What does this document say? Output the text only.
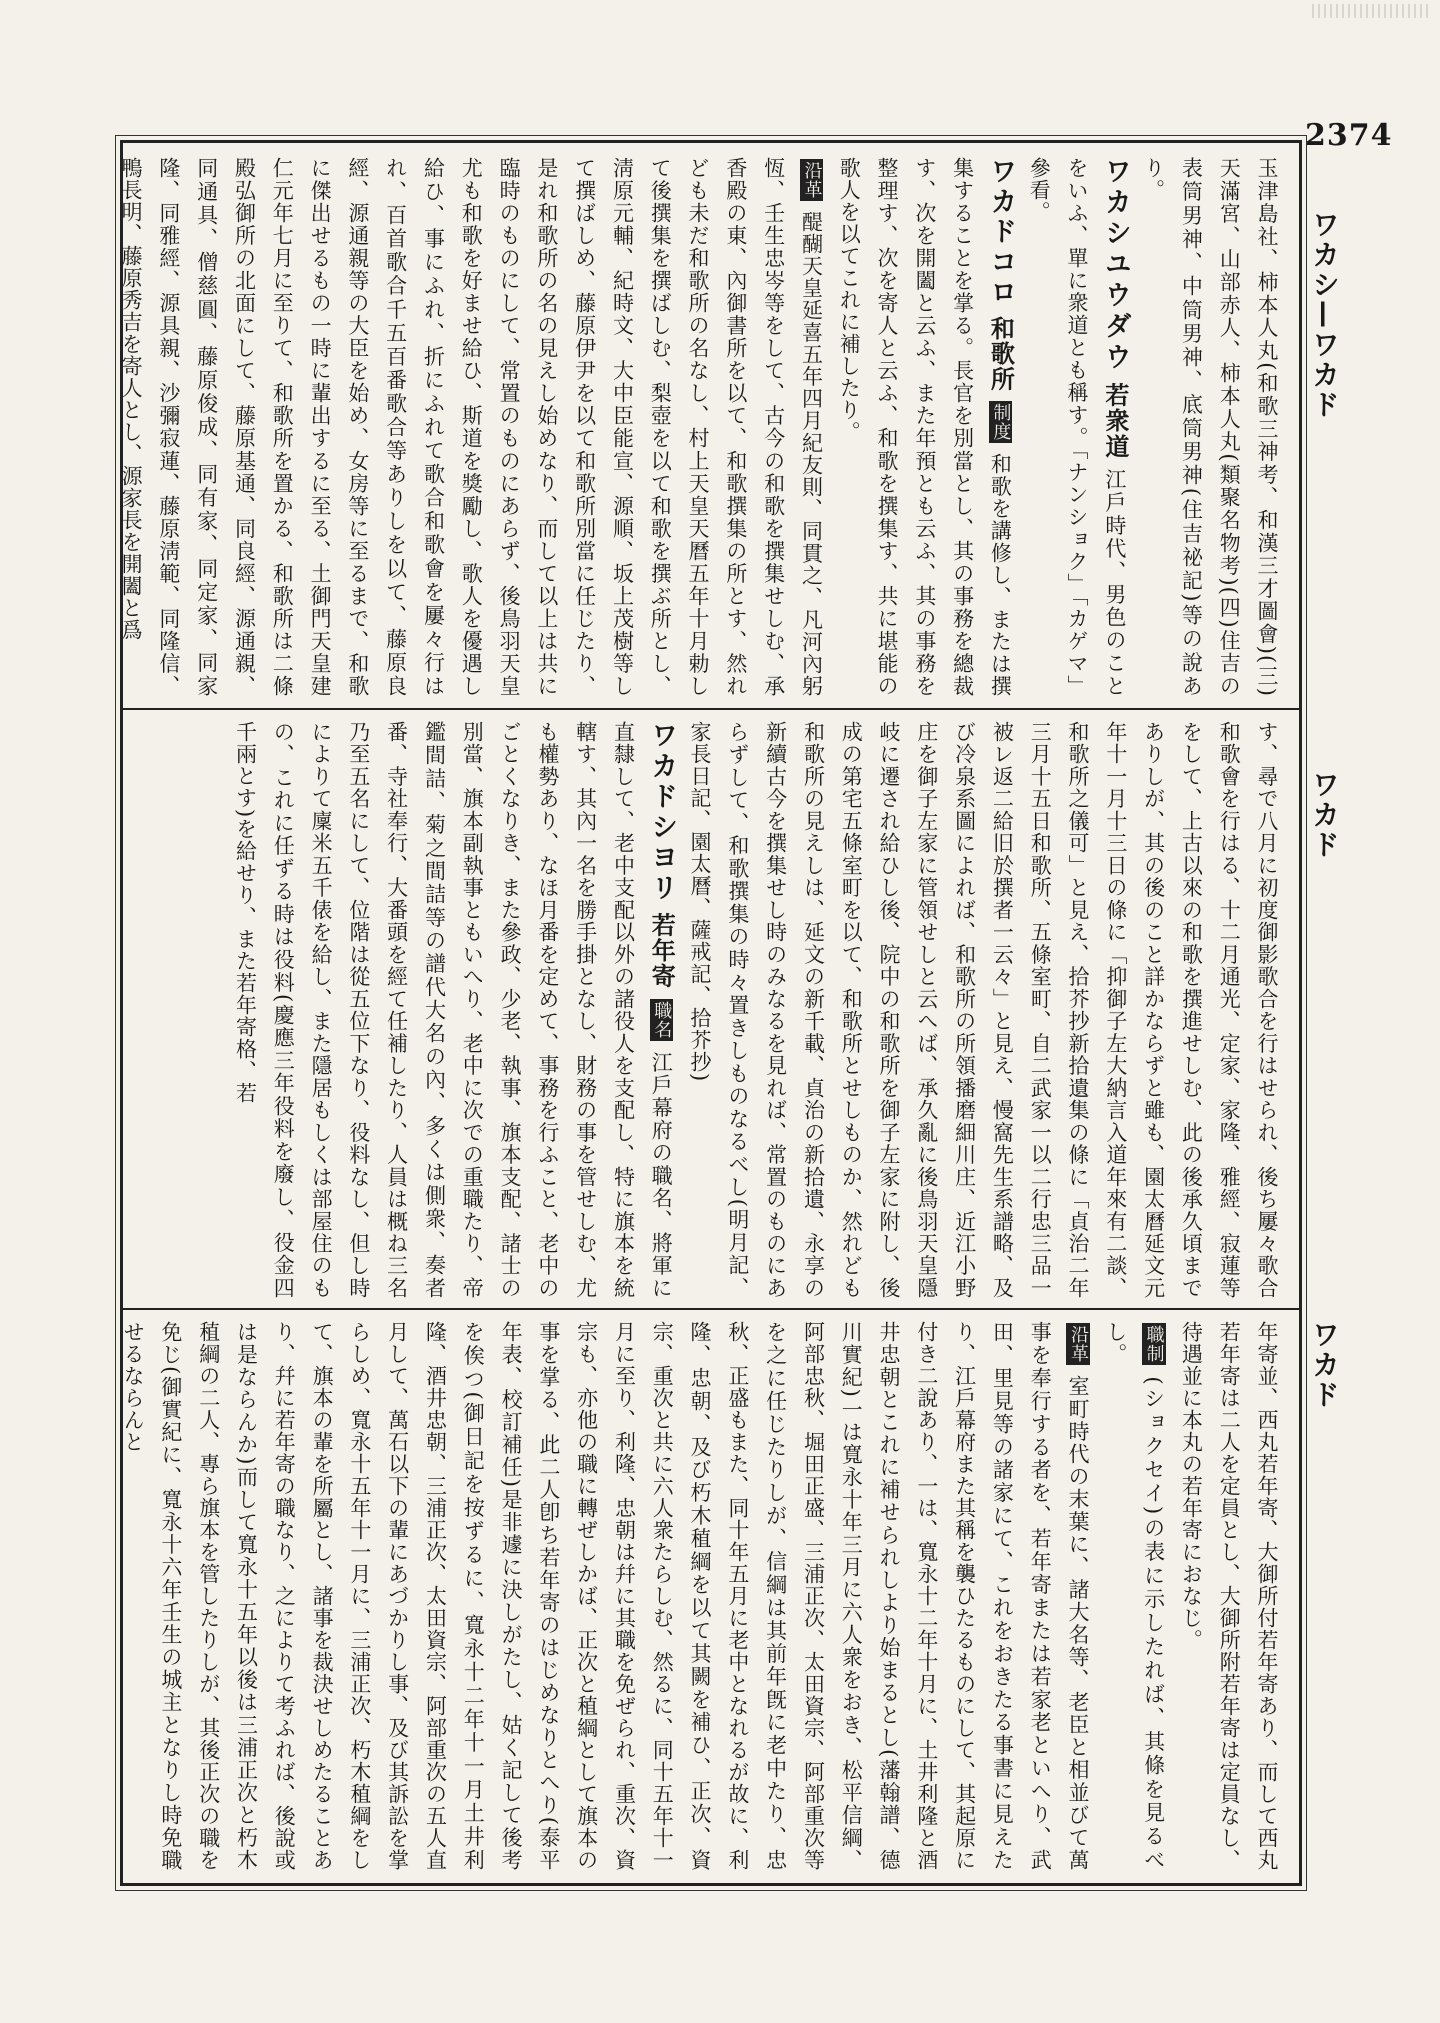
2374
ワカシ—ワカド
ワカド
ワカド
玉津島社、柿本人丸(和歌三神考、和漢三才圖會)(三)天滿宮、山部赤人、柿本人丸(類聚名物考)(四)住吉の表筒男神、中筒男神、底筒男神(住吉祕記)等の說あり。
ワカシユウダウ 若衆道 江戶時代、男色のことをいふ、單に衆道とも稱す。「ナンショク」「カゲマ」參看。
ワカドコロ 和歌所 制度 和歌を講修し、または撰集することを掌る。長官を別當とし、其の事務を總裁す、次を開闔と云ふ、また年預とも云ふ、其の事務を整理す、次を寄人と云ふ、和歌を撰集す、共に堪能の歌人を以てこれに補したり。
沿革 醍醐天皇延喜五年四月紀友則、同貫之、凡河內躬恆、壬生忠岑等をして、古今の和歌を撰集せしむ、承香殿の東、內御書所を以て、和歌撰集の所とす、然れども未だ和歌所の名なし、村上天皇天曆五年十月勅して後撰集を撰ばしむ、梨壺を以て和歌を撰ぶ所とし、淸原元輔、紀時文、大中臣能宣、源順、坂上茂樹等して撰ばしめ、藤原伊尹を以て和歌所別當に任じたり、是れ和歌所の名の見えし始めなり、而して以上は共に臨時のものにして、常置のものにあらず、後鳥羽天皇尤も和歌を好ませ給ひ、斯道を獎勵し、歌人を優遇し給ひ、事にふれ、折にふれて歌合和歌會を屢々行はれ、百首歌合千五百番歌合等ありしを以て、藤原良經、源通親等の大臣を始め、女房等に至るまで、和歌に傑出せるもの一時に輩出するに至る、土御門天皇建仁元年七月に至りて、和歌所を置かる、和歌所は二條殿弘御所の北面にして、藤原基通、同良經、源通親、同通具、僧慈圓、藤原俊成、同有家、同定家、同家隆、同雅經、源具親、沙彌寂蓮、藤原淸範、同隆信、鴨長明、藤原秀吉を寄人とし、源家長を開闔と爲
す、尋で八月に初度御影歌合を行はせられ、後ち屢々歌合和歌會を行はる、十二月通光、定家、家隆、雅經、寂蓮等をして、上古以來の和歌を撰進せしむ、此の後承久頃までありしが、其の後のこと詳かならずと雖も、園太曆延文元年十一月十三日の條に「抑御子左大納言入道年來有二談、和歌所之儀可」と見え、拾芥抄新拾遺集の條に「貞治二年三月十五日和歌所、五條室町、自二武家一以二行忠三品一被レ返二給旧於撰者一云々」と見え、慢窩先生系譜略、及び冷泉系圖によれば、和歌所の所領播磨細川庄、近江小野庄を御子左家に管領せしと云へば、承久亂に後鳥羽天皇隱岐に遷され給ひし後、院中の和歌所を御子左家に附し、後成の第宅五條室町を以て、和歌所とせしものか、然れども和歌所の見えしは、延文の新千載、貞治の新拾遺、永享の新續古今を撰集せし時のみなるを見れば、常置のものにあらずして、和歌撰集の時々置きしものなるべし(明月記、家長日記、園太曆、薩戒記、拾芥抄)
ワカドシヨリ 若年寄 職名 江戶幕府の職名、將軍に直隸して、老中支配以外の諸役人を支配し、特に旗本を統轄す、其內一名を勝手掛となし、財務の事を管せしむ、尤も權勢あり、なほ月番を定めて、事務を行ふこと、老中のごとくなりき、また參政、少老、執事、旗本支配、諸士の別當、旗本副執事ともいへり、老中に次での重職たり、帝鑑間詰、菊之間詰等の譜代大名の內、多くは側衆、奏者番、寺社奉行、大番頭を經て任補したり、人員は概ね三名乃至五名にして、位階は從五位下なり、役料なし、但し時によりて廩米五千俵を給し、また隱居もしくは部屋住のもの、これに任ずる時は役料(慶應三年役料を廢し、役金四千兩とす)を給せり、また若年寄格、若
年寄並、西丸若年寄、大御所付若年寄あり、而して西丸若年寄は二人を定員とし、大御所附若年寄は定員なし、待遇並に本丸の若年寄におなじ。
職制 (ショクセイ)の表に示したれば、其條を見るべし。
沿革 室町時代の末葉に、諸大名等、老臣と相並びて萬事を奉行する者を、若年寄または若家老といへり、武田、里見等の諸家にて、これをおきたる事書に見えたり、江戶幕府また其稱を襲ひたるものにして、其起原に付き二說あり、一は、寬永十二年十月に、土井利隆と酒井忠朝とこれに補せられしより始まるとし(藩翰譜、德川實紀)一は寬永十年三月に六人衆をおき、松平信綱、阿部忠秋、堀田正盛、三浦正次、太田資宗、阿部重次等を之に任じたりしが、信綱は其前年旣に老中たり、忠秋、正盛もまた、同十年五月に老中となれるが故に、利隆、忠朝、及び朽木稙綱を以て其闕を補ひ、正次、資宗、重次と共に六人衆たらしむ、然るに、同十五年十一月に至り、利隆、忠朝は幷に其職を免ぜられ、重次、資宗も、亦他の職に轉ぜしかば、正次と稙綱として旗本の事を掌る、此二人卽ち若年寄のはじめなりとへり(泰平年表、校訂補任)是非遽に決しがたし、姑く記して後考を俟つ(御日記を按ずるに、寬永十二年十一月土井利隆、酒井忠朝、三浦正次、太田資宗、阿部重次の五人直月して、萬石以下の輩にあづかりし事、及び其訴訟を掌らしめ、寬永十五年十一月に、三浦正次、朽木稙綱をして、旗本の輩を所屬とし、諸事を裁決せしめたることあり、幷に若年寄の職なり、之によりて考ふれば、後說或は是ならんか)而して寬永十五年以後は三浦正次と朽木稙綱の二人、專ら旗本を管したりしが、其後正次の職を免じ(御實紀に、寬永十六年壬生の城主となりし時免職せるならんと
